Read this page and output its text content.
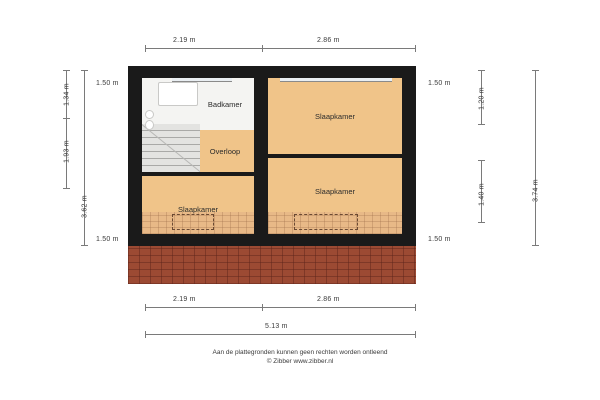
2.19 m	2.86 m
1.34 m
1.93 m
3.62 m
1.50 m
1.50 m
1.50 m
1.50 m
1.20 m
1.40 m	3.74 m
Badkamer
Slaapkamer
Overloop
Slaapkamer
Slaapkamer
2.19 m	2.86 m
5.13 m
Aan de plattegronden kunnen geen rechten worden ontleend
© Zibber www.zibber.nl
